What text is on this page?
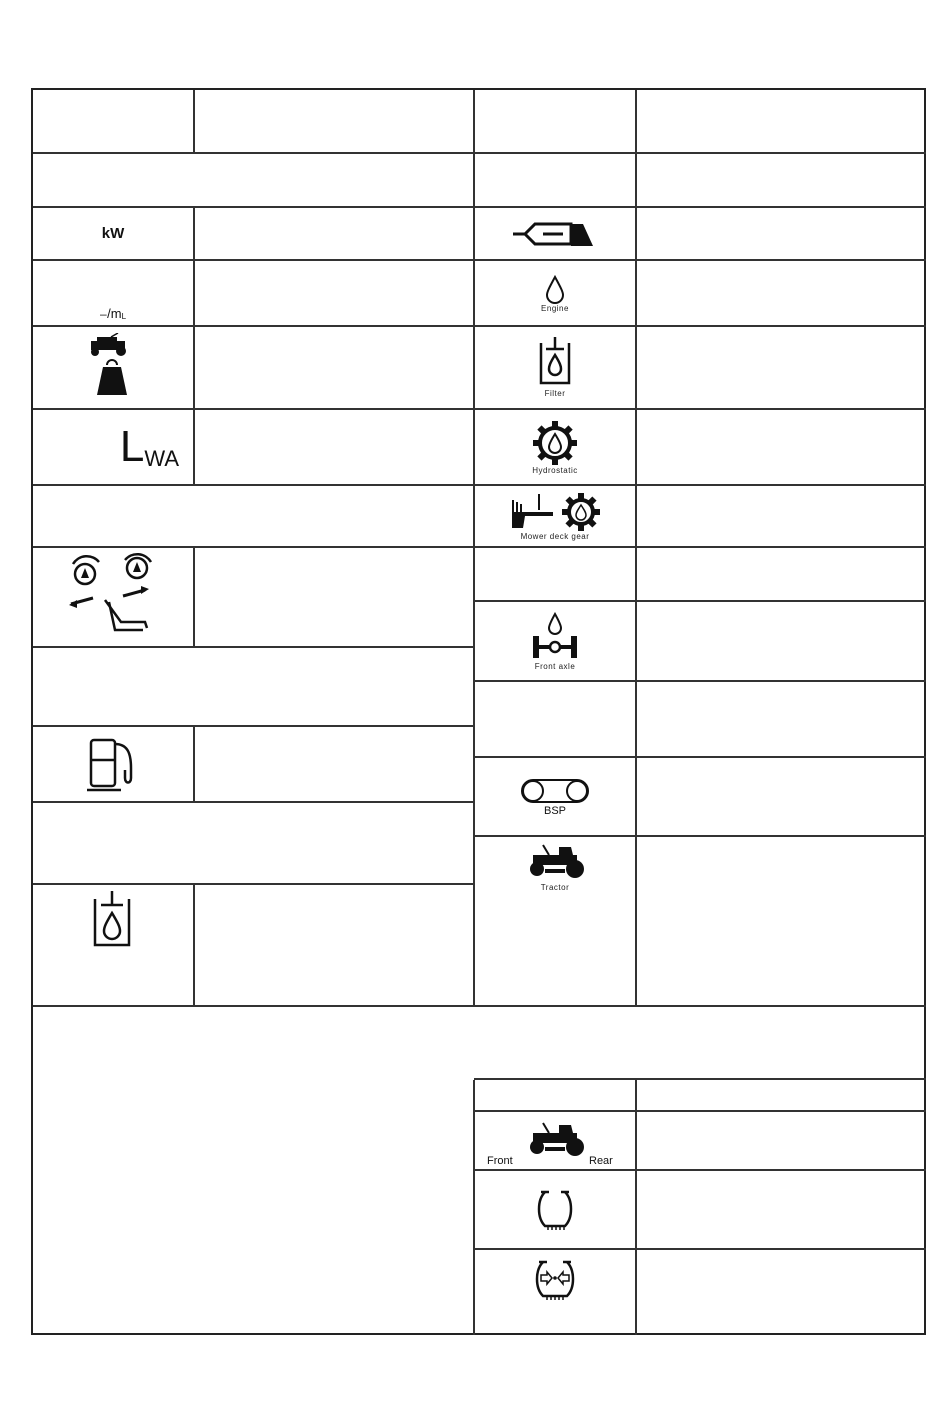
kW
– /m L
L WA
Engine
Filter
Hydrostatic
Mower deck gear
Front axle
BSP
Tractor
Front	Rear
